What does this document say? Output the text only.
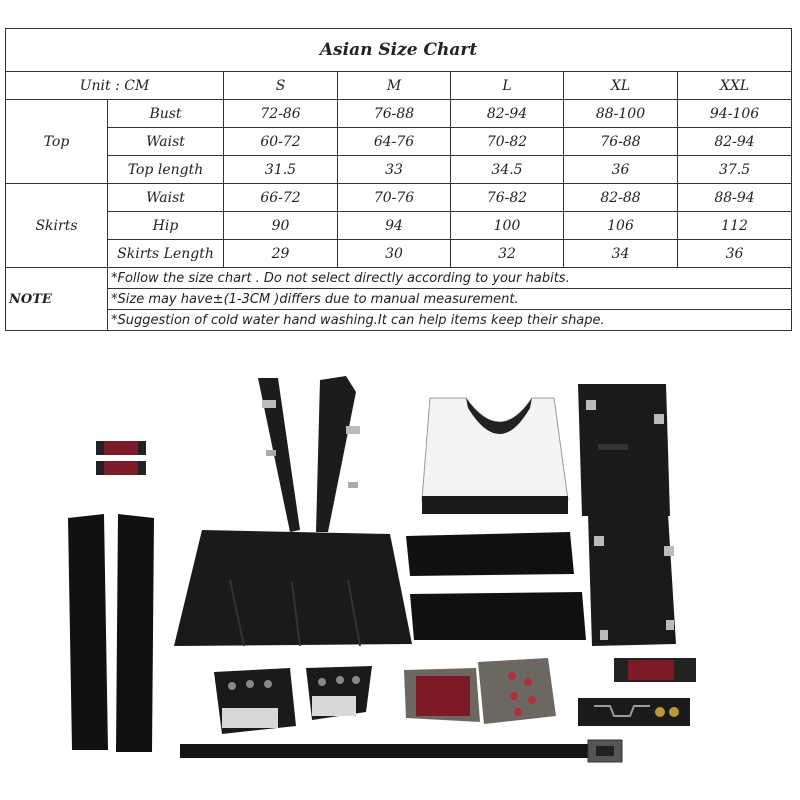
Asian Size Chart						
Unit : CM		S	M	L	XL	XXL
Top	Bust	72-86	76-88	82-94	88-100	94-106
	Waist	60-72	64-76	70-82	76-88	82-94
	Top length	31.5	33	34.5	36	37.5
Skirts	Waist	66-72	70-76	76-82	82-88	88-94
	Hip	90	94	100	106	112
	Skirts Length	29	30	32	34	36
NOTE	*Follow the size chart . Do not select directly according to your habits.					
	*Size may have±(1-3CM )differs due to manual measurement.					
	*Suggestion of cold water hand washing.It can help items keep their shape.					
